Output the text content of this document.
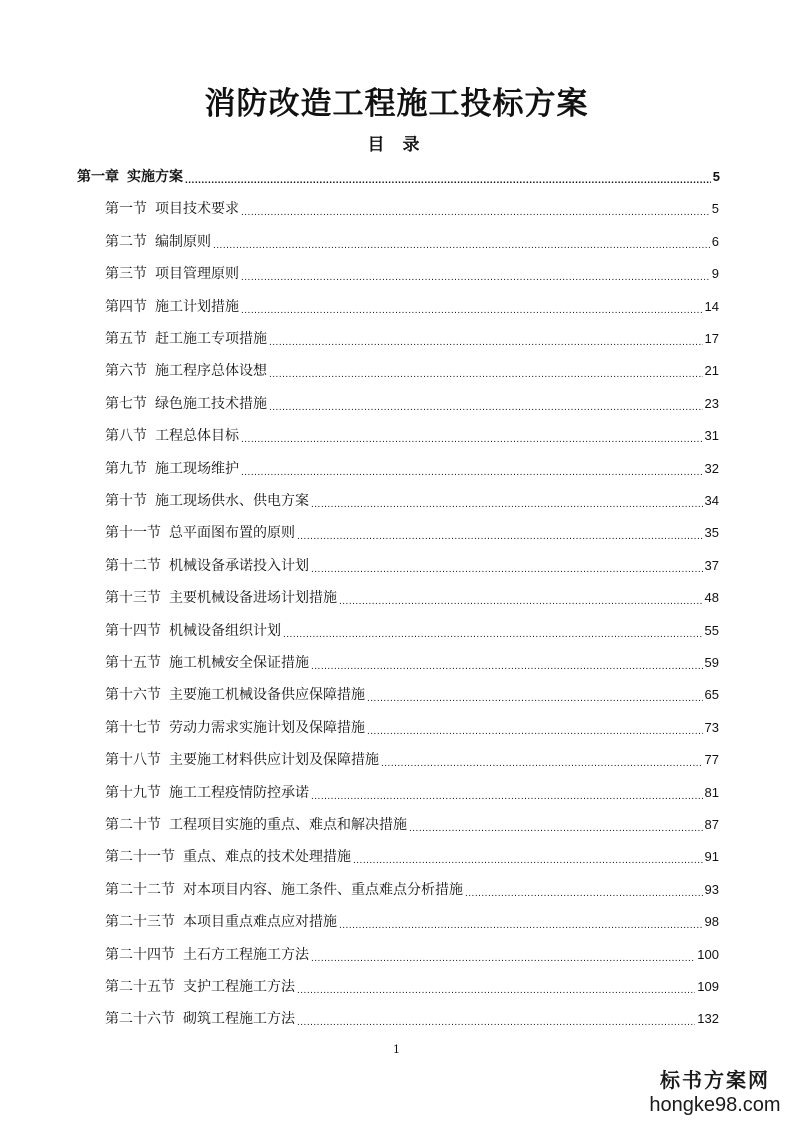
消防改造工程施工投标方案
目 录
第一章 实施方案 .....	5
第一节 项目技术要求 .....	5
第二节 编制原则 .....	6
第三节 项目管理原则 .....	9
第四节 施工计划措施 .....	14
第五节 赶工施工专项措施 .....	17
第六节 施工程序总体设想 .....	21
第七节 绿色施工技术措施 .....	23
第八节 工程总体目标 .....	31
第九节 施工现场维护 .....	32
第十节 施工现场供水、供电方案 .....	34
第十一节 总平面图布置的原则 .....	35
第十二节 机械设备承诺投入计划 .....	37
第十三节 主要机械设备进场计划措施 .....	48
第十四节 机械设备组织计划 .....	55
第十五节 施工机械安全保证措施 .....	59
第十六节 主要施工机械设备供应保障措施 .....	65
第十七节 劳动力需求实施计划及保障措施 .....	73
第十八节 主要施工材料供应计划及保障措施 .....	77
第十九节 施工工程疫情防控承诺 .....	81
第二十节 工程项目实施的重点、难点和解决措施 .....	87
第二十一节 重点、难点的技术处理措施 .....	91
第二十二节 对本项目内容、施工条件、重点难点分析措施 .....	93
第二十三节 本项目重点难点应对措施 .....	98
第二十四节 土石方工程施工方法 .....	100
第二十五节 支护工程施工方法 .....	109
第二十六节 砌筑工程施工方法 .....	132

1

标书方案网
hongke98.com
